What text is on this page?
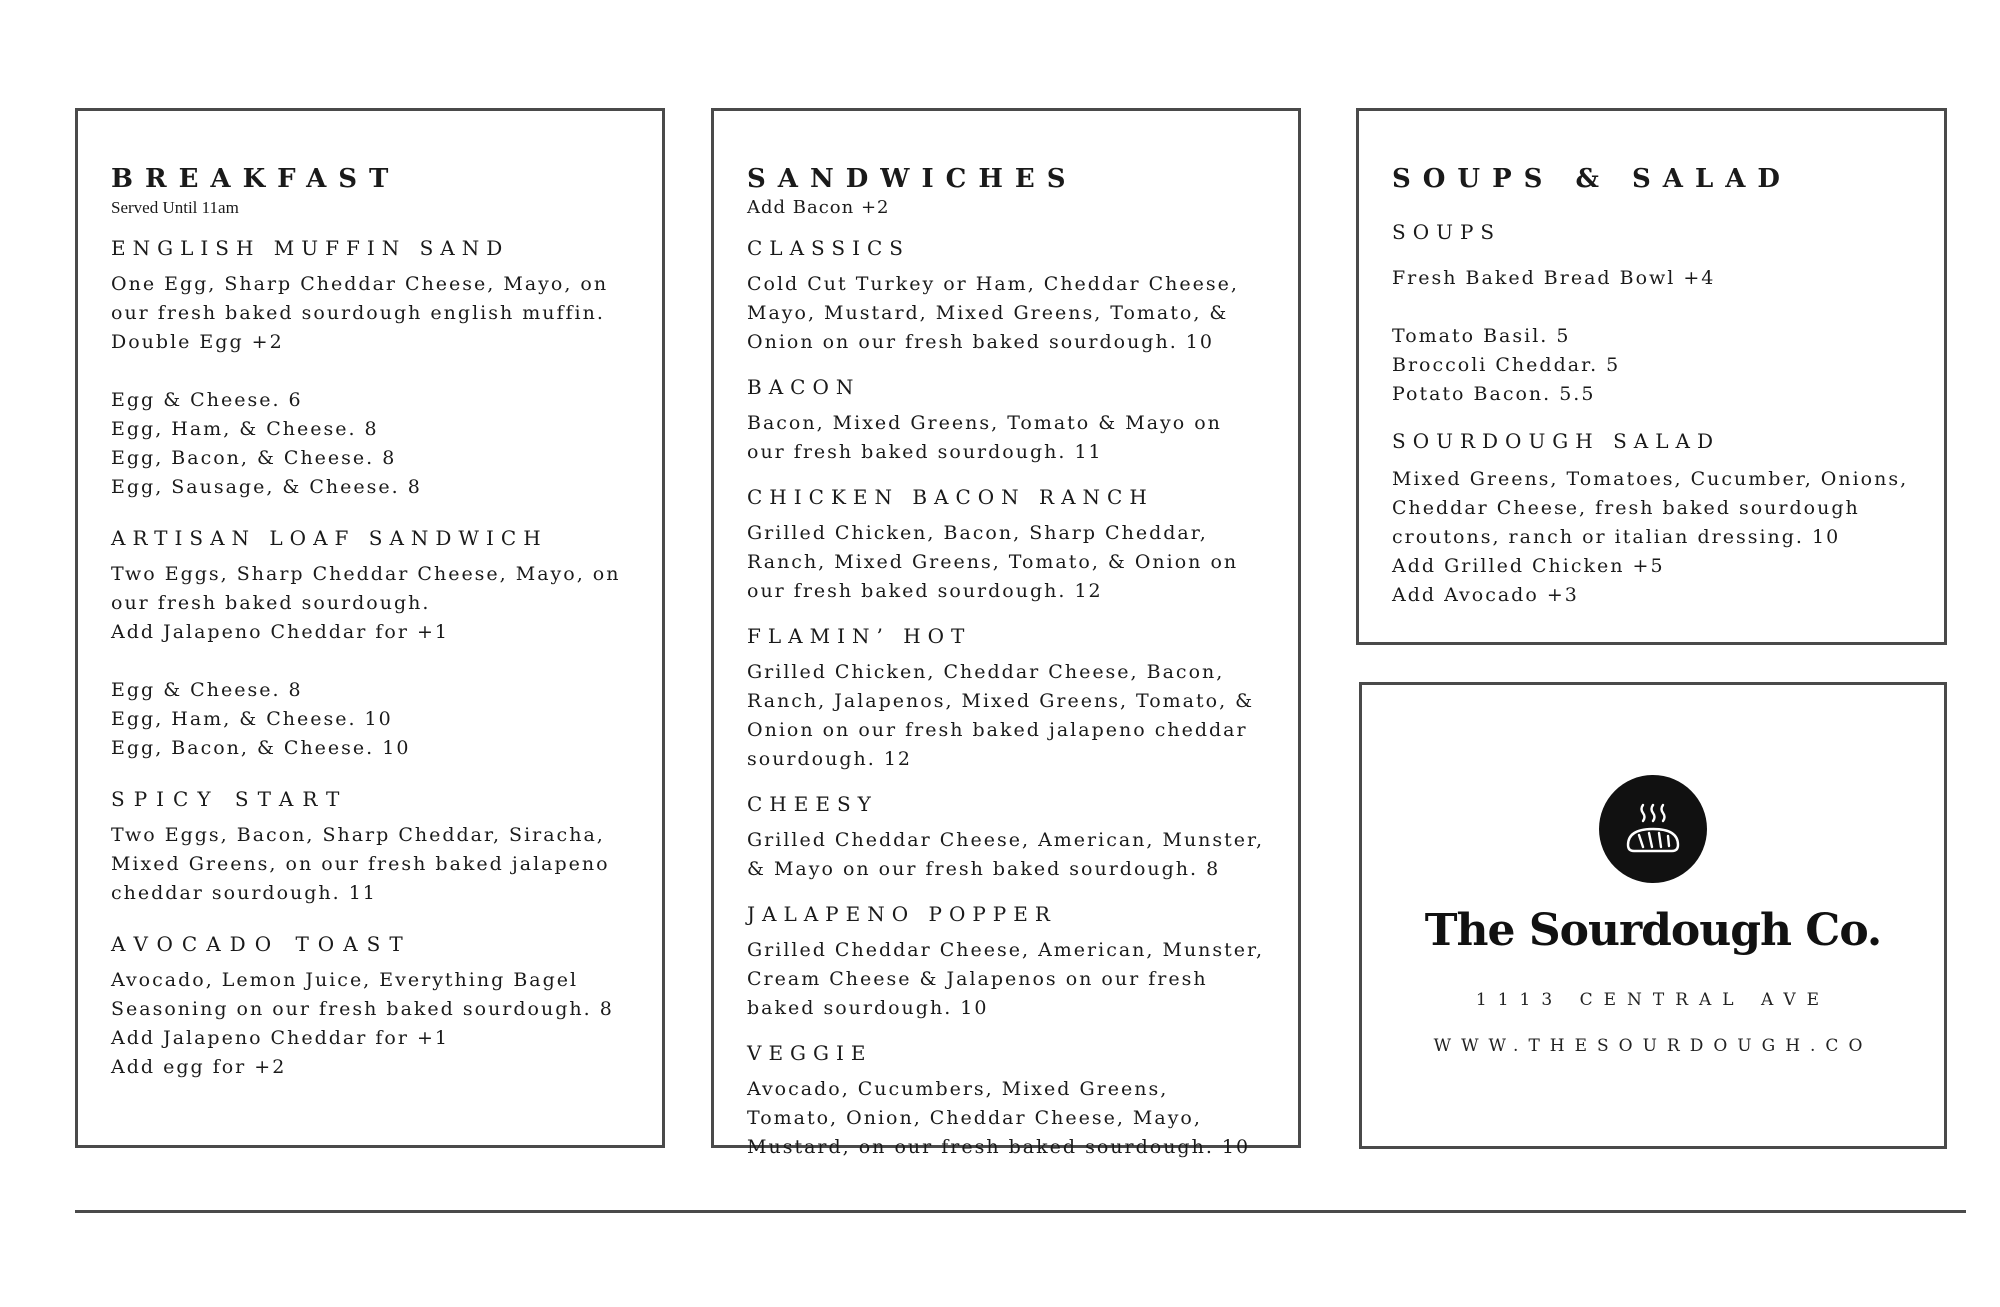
BREAKFAST

Served Until 11am

ENGLISH MUFFIN SAND

One Egg, Sharp Cheddar Cheese, Mayo, on

our fresh baked sourdough english muffin.

Double Egg +2

Egg & Cheese. 6

Egg, Ham, & Cheese. 8

Egg, Bacon, & Cheese. 8

Egg, Sausage, & Cheese. 8

ARTISAN LOAF SANDWICH

Two Eggs, Sharp Cheddar Cheese, Mayo, on

our fresh baked sourdough.

Add Jalapeno Cheddar for +1

Egg & Cheese. 8

Egg, Ham, & Cheese. 10

Egg, Bacon, & Cheese. 10

SPICY START

Two Eggs, Bacon, Sharp Cheddar, Siracha,

Mixed Greens, on our fresh baked jalapeno

cheddar sourdough. 11

AVOCADO TOAST

Avocado, Lemon Juice, Everything Bagel

Seasoning on our fresh baked sourdough. 8

Add Jalapeno Cheddar for +1

Add egg for +2

SANDWICHES

Add Bacon +2

CLASSICS

Cold Cut Turkey or Ham, Cheddar Cheese,

Mayo, Mustard, Mixed Greens, Tomato, &

Onion on our fresh baked sourdough. 10

BACON

Bacon, Mixed Greens, Tomato & Mayo on

our fresh baked sourdough. 11

CHICKEN BACON RANCH

Grilled Chicken, Bacon, Sharp Cheddar,

Ranch, Mixed Greens, Tomato, & Onion on

our fresh baked sourdough. 12

FLAMIN’ HOT

Grilled Chicken, Cheddar Cheese, Bacon,

Ranch, Jalapenos, Mixed Greens, Tomato, &

Onion on our fresh baked jalapeno cheddar

sourdough. 12

CHEESY

Grilled Cheddar Cheese, American, Munster,

& Mayo on our fresh baked sourdough. 8

JALAPENO POPPER

Grilled Cheddar Cheese, American, Munster,

Cream Cheese & Jalapenos on our fresh

baked sourdough. 10

VEGGIE

Avocado, Cucumbers, Mixed Greens,

Tomato, Onion, Cheddar Cheese, Mayo,

Mustard, on our fresh baked sourdough. 10

SOUPS & SALAD

SOUPS

Fresh Baked Bread Bowl +4

Tomato Basil. 5

Broccoli Cheddar. 5

Potato Bacon. 5.5

SOURDOUGH SALAD

Mixed Greens, Tomatoes, Cucumber, Onions,

Cheddar Cheese, fresh baked sourdough

croutons, ranch or italian dressing. 10

Add Grilled Chicken +5

Add Avocado +3

The Sourdough Co.

1113 CENTRAL AVE

WWW.THESOURDOUGH.CO
